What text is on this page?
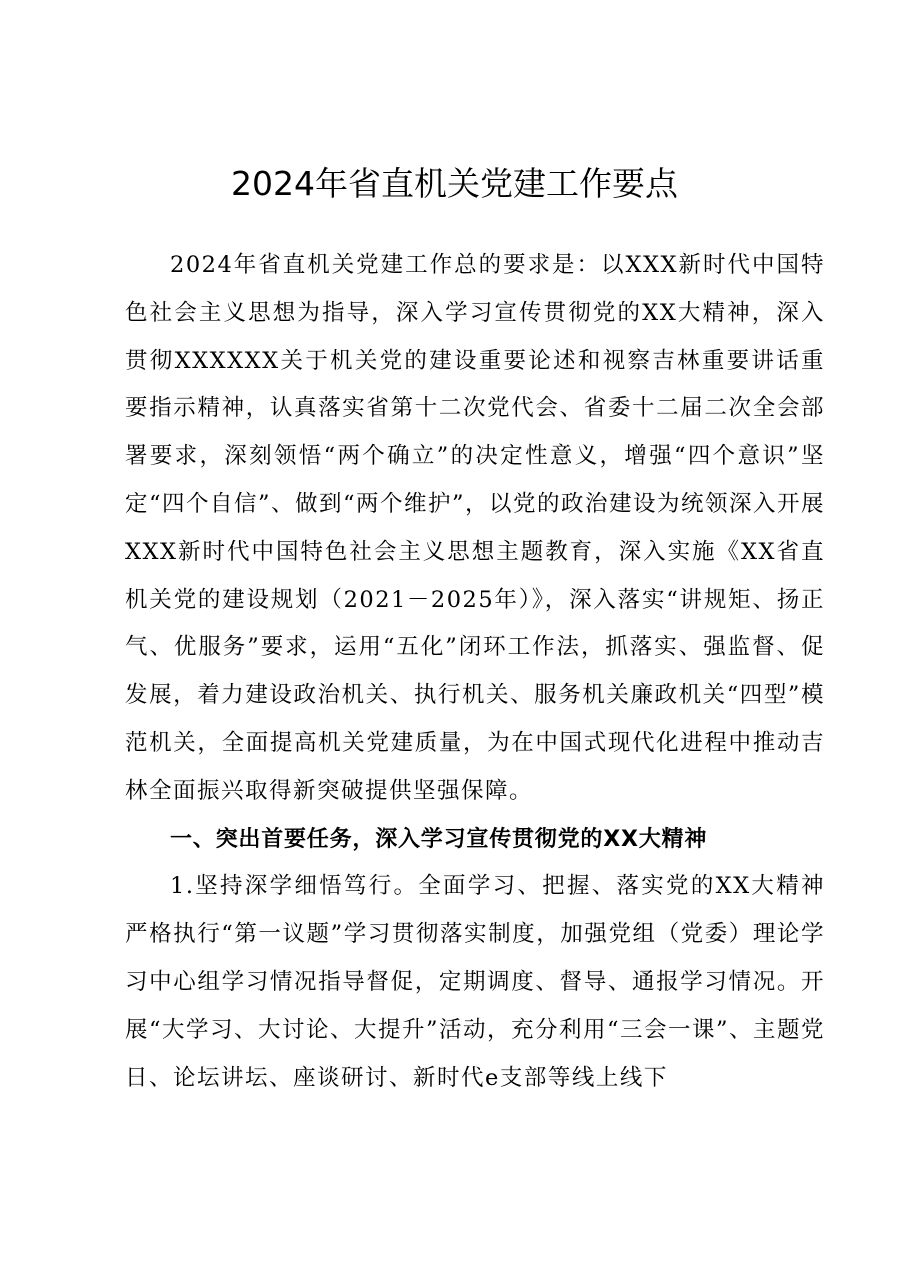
2024年省直机关党建工作要点

2024年省直机关党建工作总的要求是：以XXX新时代中国特色社会主义思想为指导，深入学习宣传贯彻党的XX大精神，深入贯彻XXXXXX关于机关党的建设重要论述和视察吉林重要讲话重要指示精神，认真落实省第十二次党代会、省委十二届二次全会部署要求，深刻领悟“两个确立”的决定性意义，增强“四个意识”坚定“四个自信”、做到“两个维护”，以党的政治建设为统领深入开展XXX新时代中国特色社会主义思想主题教育，深入实施《XX省直机关党的建设规划（2021－2025年）》，深入落实“讲规矩、扬正气、优服务”要求，运用“五化”闭环工作法，抓落实、强监督、促发展，着力建设政治机关、执行机关、服务机关廉政机关“四型”模范机关，全面提高机关党建质量，为在中国式现代化进程中推动吉林全面振兴取得新突破提供坚强保障。

一、突出首要任务，深入学习宣传贯彻党的XX大精神

1.坚持深学细悟笃行。全面学习、把握、落实党的XX大精神严格执行“第一议题”学习贯彻落实制度，加强党组（党委）理论学习中心组学习情况指导督促，定期调度、督导、通报学习情况。开展“大学习、大讨论、大提升”活动，充分利用“三会一课”、主题党日、论坛讲坛、座谈研讨、新时代e支部等线上线下
